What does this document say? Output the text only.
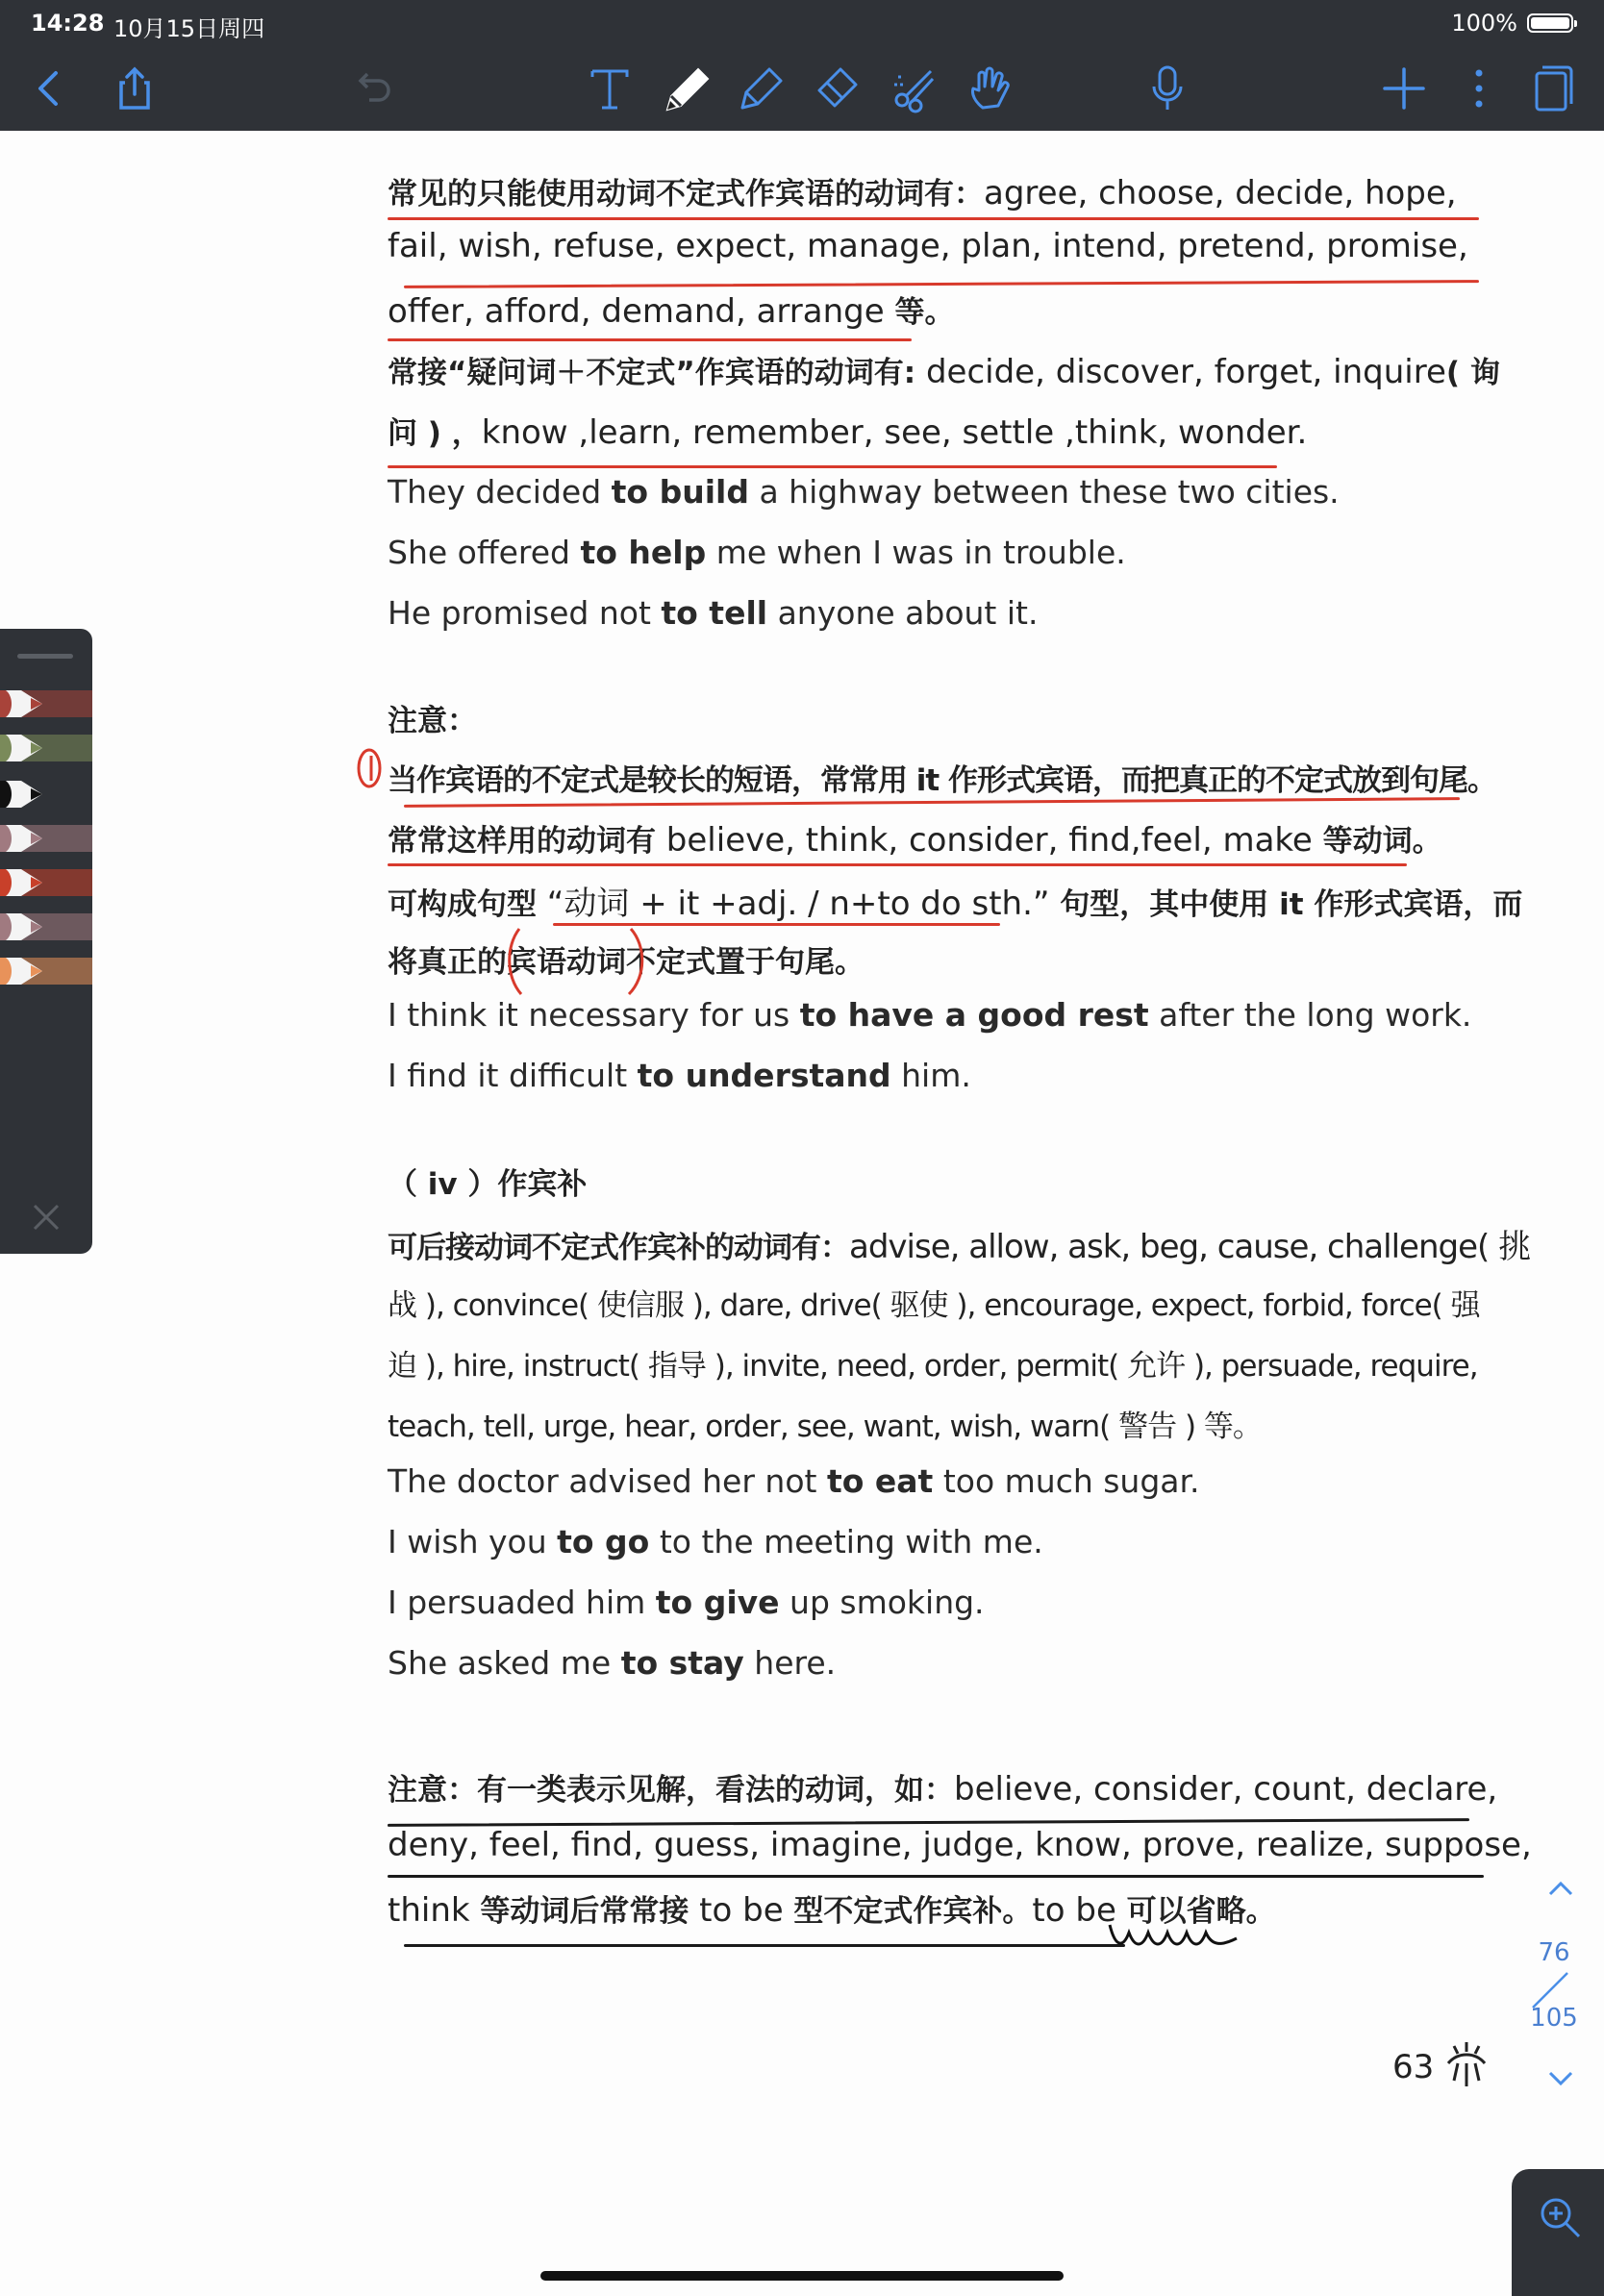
14:28 10月15日周四	100%
常见的只能使用动词不定式作宾语的动词有：agree, choose, decide, hope,
fail, wish, refuse, expect, manage, plan, intend, pretend, promise,
offer, afford, demand, arrange 等。
常接“疑问词＋不定式”作宾语的动词有: decide, discover, forget, inquire( 询
问 ) ，know ,learn, remember, see, settle ,think, wonder.
They decided to build a highway between these two cities.
She offered to help me when I was in trouble.
He promised not to tell anyone about it.
注意：
当作宾语的不定式是较长的短语，常常用 it 作形式宾语，而把真正的不定式放到句尾。
常常这样用的动词有 believe, think, consider, find,feel, make 等动词。
可构成句型 “动词 + it +adj. / n+to do sth.” 句型，其中使用 it 作形式宾语，而
将真正的宾语动词不定式置于句尾。
I think it necessary for us to have a good rest after the long work.
I find it difficult to understand him.
（ iv ）作宾补
可后接动词不定式作宾补的动词有：advise, allow, ask, beg, cause, challenge( 挑
战 ), convince( 使信服 ), dare, drive( 驱使 ), encourage, expect, forbid, force( 强
迫 ), hire, instruct( 指导 ), invite, need, order, permit( 允许 ), persuade, require,
teach, tell, urge, hear, order, see, want, wish, warn( 警告 ) 等。
The doctor advised her not to eat too much sugar.
I wish you to go to the meeting with me.
I persuaded him to give up smoking.
She asked me to stay here.
注意：有一类表示见解，看法的动词，如：believe, consider, count, declare,
deny, feel, find, guess, imagine, judge, know, prove, realize, suppose,
think 等动词后常常接 to be 型不定式作宾补。to be 可以省略。
63
76
105
